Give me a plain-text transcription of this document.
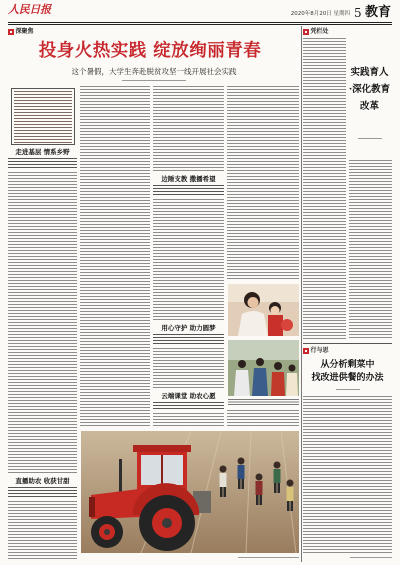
人民日报	2020年8月20日 星期四 5 教育
深聚焦
投身火热实践 绽放绚丽青春
这个暑假，大学生奔赴脱贫攻坚一线开展社会实践
走进基层 情系乡野
直播助农 收获甘甜
边陲支教 撒播希望
用心守护 助力圆梦
云端课堂 助农心愿
凭栏处
实践育人
·深化教育
改革
行与思
从分析剩菜中
找改进供餐的办法
